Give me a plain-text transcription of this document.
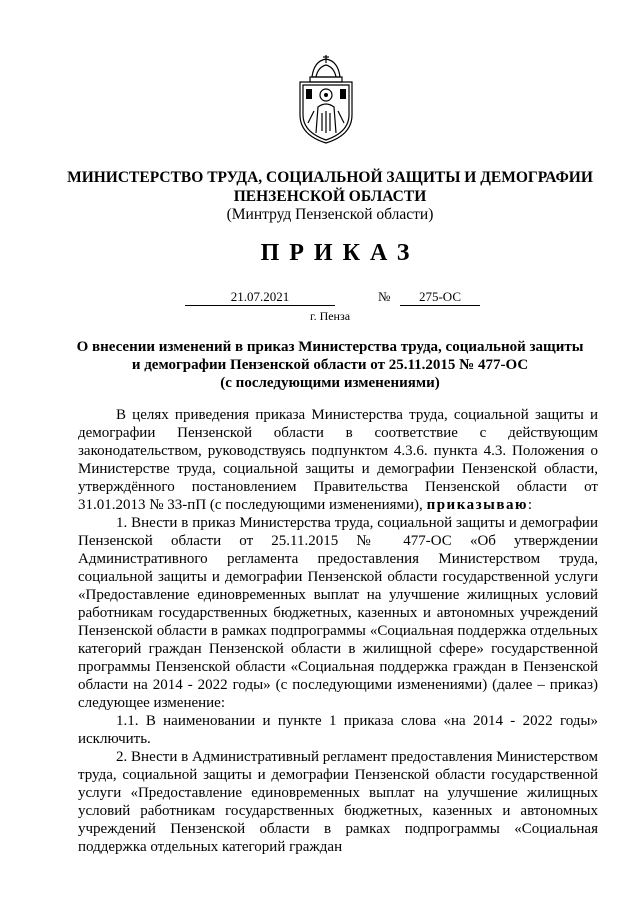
МИНИСТЕРСТВО ТРУДА, СОЦИАЛЬНОЙ ЗАЩИТЫ И ДЕМОГРАФИИ
ПЕНЗЕНСКОЙ ОБЛАСТИ
(Минтруд Пензенской области)
ПРИКАЗ
21.07.2021	№	275-ОС
г. Пенза
О внесении изменений в приказ Министерства труда, социальной защиты
и демографии Пензенской области от 25.11.2015 № 477-ОС
(с последующими изменениями)

В целях приведения приказа Министерства труда, социальной защиты и демографии Пензенской области в соответствие с действующим законодательством, руководствуясь подпунктом 4.3.6. пункта 4.3. Положения о Министерстве труда, социальной защиты и демографии Пензенской области, утверждённого постановлением Правительства Пензенской области от 31.01.2013 № 33-пП (с последующими изменениями), приказываю:

1. Внести в приказ Министерства труда, социальной защиты и демографии Пензенской области от 25.11.2015 № 477-ОС «Об утверждении Административного регламента предоставления Министерством труда, социальной защиты и демографии Пензенской области государственной услуги «Предоставление единовременных выплат на улучшение жилищных условий работникам государственных бюджетных, казенных и автономных учреждений Пензенской области в рамках подпрограммы «Социальная поддержка отдельных категорий граждан Пензенской области в жилищной сфере» государственной программы Пензенской области «Социальная поддержка граждан в Пензенской области на 2014 - 2022 годы» (с последующими изменениями) (далее – приказ) следующее изменение:

1.1. В наименовании и пункте 1 приказа слова «на 2014 - 2022 годы» исключить.

2. Внести в Административный регламент предоставления Министерством труда, социальной защиты и демографии Пензенской области государственной услуги «Предоставление единовременных выплат на улучшение жилищных условий работникам государственных бюджетных, казенных и автономных учреждений Пензенской области в рамках подпрограммы «Социальная поддержка отдельных категорий граждан
